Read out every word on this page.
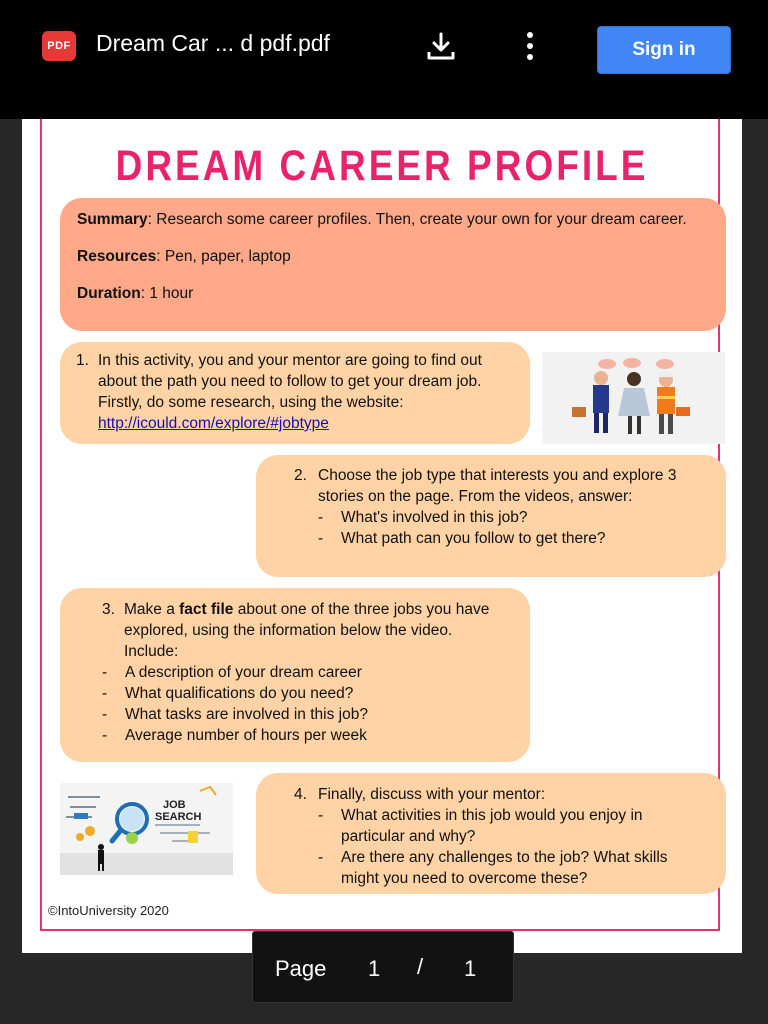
PDF Dream Car ... d pdf.pdf	Sign in
DREAM CAREER PROFILE

Summary: Research some career profiles. Then, create your own for your dream career.

Resources: Pen, paper, laptop

Duration: 1 hour

1. In this activity, you and your mentor are going to find out about the path you need to follow to get your dream job. Firstly, do some research, using the website: http://icould.com/explore/#jobtype
2. Choose the job type that interests you and explore 3 stories on the page. From the videos, answer:
- What's involved in this job?
- What path can you follow to get there?
3. Make a fact file about one of the three jobs you have explored, using the information below the video. Include:
- A description of your dream career
- What qualifications do you need?
- What tasks are involved in this job?
- Average number of hours per week
JOB
SEARCH
4. Finally, discuss with your mentor:
- What activities in this job would you enjoy in particular and why?
- Are there any challenges to the job? What skills might you need to overcome these?
©IntoUniversity 2020
Page 1 / 1
